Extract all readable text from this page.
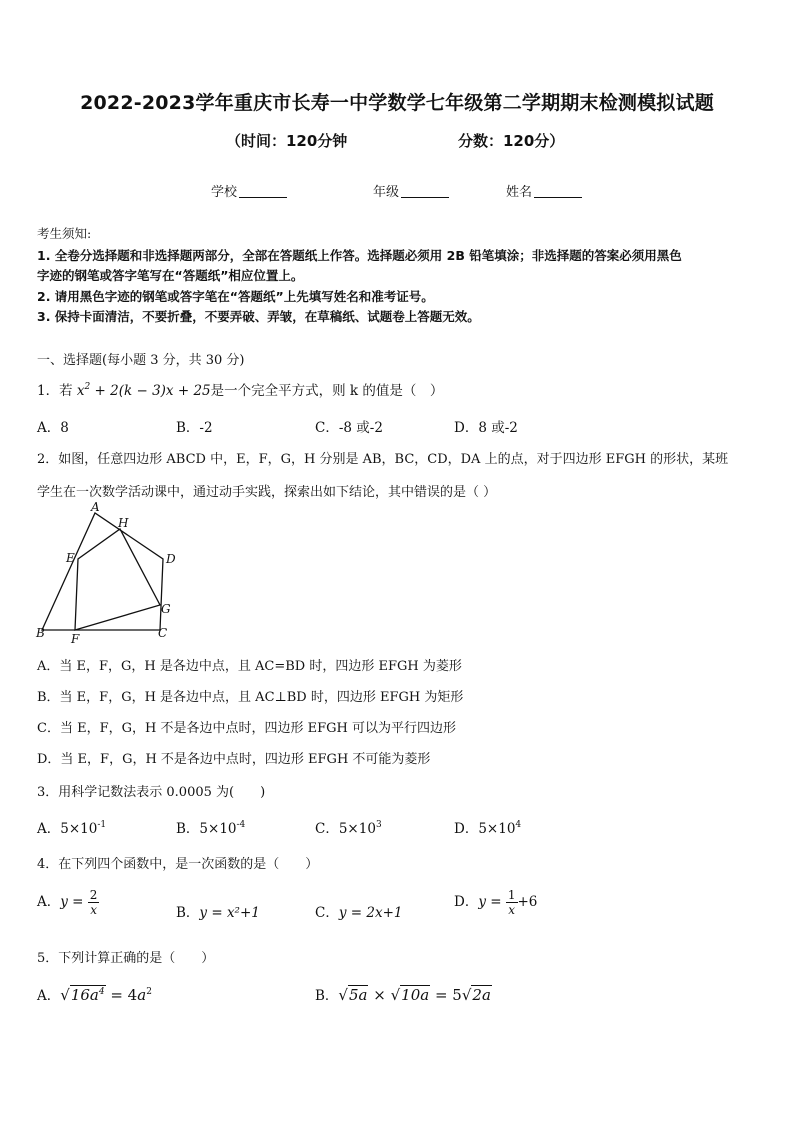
2022-2023学年重庆市长寿一中学数学七年级第二学期期末检测模拟试题
（时间：120分钟	分数：120分）
学校	年级	姓名
考生须知:
1. 全卷分选择题和非选择题两部分，全部在答题纸上作答。选择题必须用 2B 铅笔填涂；非选择题的答案必须用黑色
字迹的钢笔或答字笔写在“答题纸”相应位置上。
2. 请用黑色字迹的钢笔或答字笔在“答题纸”上先填写姓名和准考证号。
3. 保持卡面清洁，不要折叠，不要弄破、弄皱，在草稿纸、试题卷上答题无效。
一、选择题(每小题 3 分，共 30 分)
1．若 $x^2 + 2(k - 3)x + 25$是一个完全平方式，则 k 的值是（　）
A．8	B．-2	C．-8 或-2	D．8 或-2
2．如图，任意四边形 ABCD 中，E，F，G，H 分别是 AB，BC，CD，DA 上的点，对于四边形 EFGH 的形状，某班
学生在一次数学活动课中，通过动手实践，探索出如下结论，其中错误的是（ ）
A
H
E	D
G
B F	C
A．当 E，F，G，H 是各边中点，且 AC=BD 时，四边形 EFGH 为菱形
B．当 E，F，G，H 是各边中点，且 AC⊥BD 时，四边形 EFGH 为矩形
C．当 E，F，G，H 不是各边中点时，四边形 EFGH 可以为平行四边形
D．当 E，F，G，H 不是各边中点时，四边形 EFGH 不可能为菱形
3．用科学记数法表示 0.0005 为(　　)
A．$5\times 10^{-1}$	B．$5\times 10^{-4}$	C．$5\times 10^3$	D．$5\times 10^4$
4．在下列四个函数中，是一次函数的是（　　）
A．$y = \frac{2}{x}$	B．y = x²+1	C．y = 2x+1
D．$y = \frac{1}{x} +6$
5．下列计算正确的是（　　）
A．$√16a^4 = 4a^2$	B．√5a × √10a = 5√2a
